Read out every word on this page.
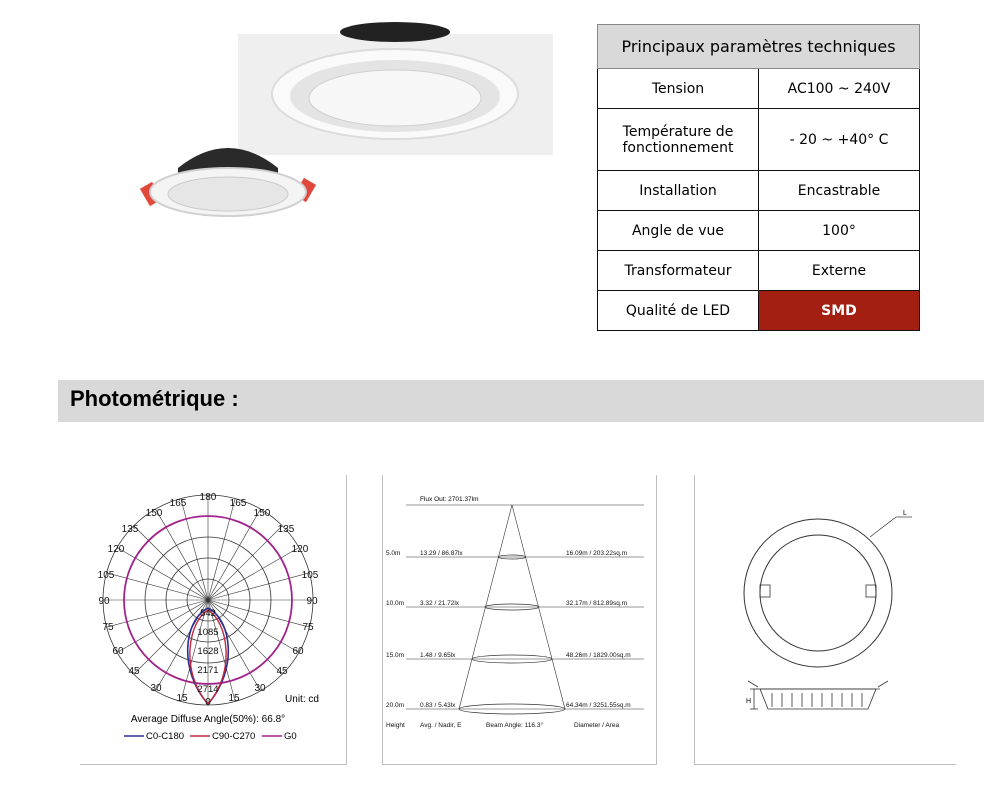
Principaux paramètres techniques	
Tension	AC100 ~ 240V
Température de fonctionnement	- 20 ~ +40° C
Installation	Encastrable
Angle de vue	100°
Transformateur	Externe
Qualité de LED	SMD
Photométrique :
180
165
150
135
120
105
90
75
60
45
30
15 0
165
150
135
120
105
90
75
60
45
30
15
542
1085
1628
2171
2714
Unit: cd
Average Diffuse Angle(50%): 66.8°
C0-C180	C90-C270	G0
Flux Out: 2701.37lm
5.0m	13.29 / 86.87lx	16.09m / 203.22sq.m
10.0m 3.32 / 21.72lx	32.17m / 812.89sq.m
15.0m 1.48 / 9.65lx	48.26m / 1829.00sq.m
20.0m 0.83 / 5.43lx	64.34m / 3251.55sq.m
Height Avg. / Nadir, E	Beam Angle: 116.3°	Diameter / Area
L
H
